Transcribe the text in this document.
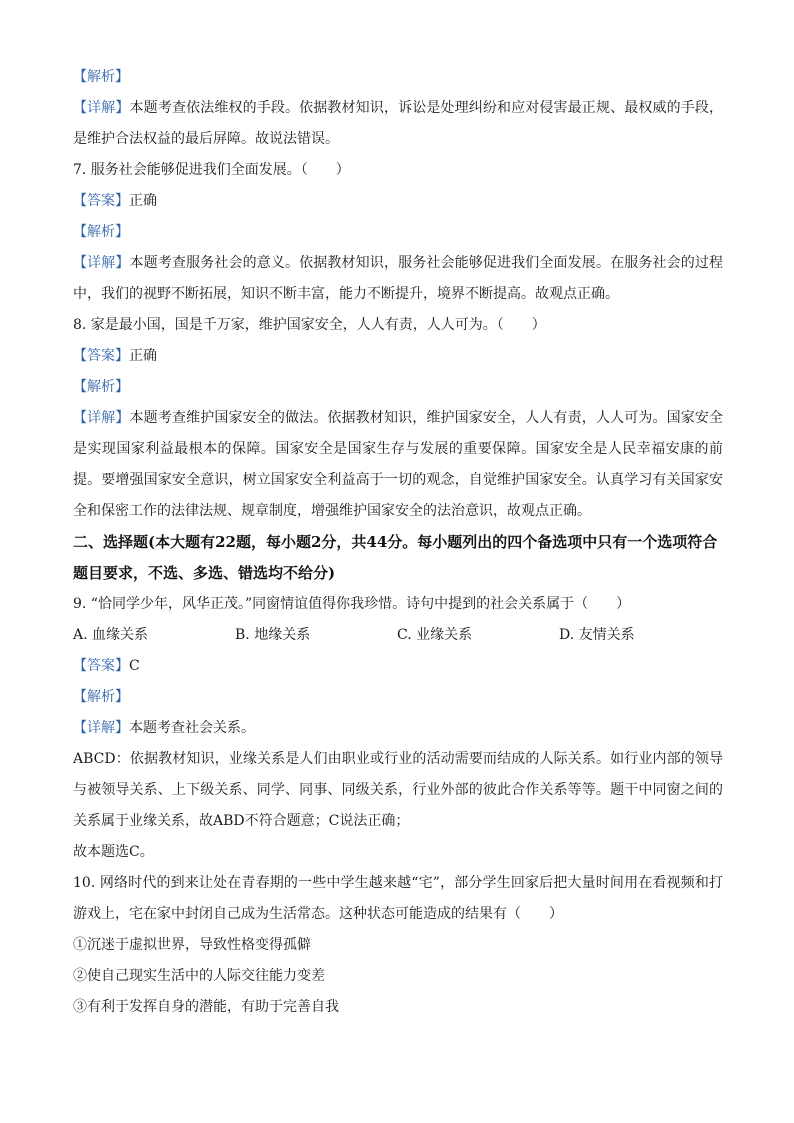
【解析】
【详解】本题考查依法维权的手段。依据教材知识，诉讼是处理纠纷和应对侵害最正规、最权威的手段，是维护合法权益的最后屏障。故说法错误。
7. 服务社会能够促进我们全面发展。（　　）
【答案】正确
【解析】
【详解】本题考查服务社会的意义。依据教材知识，服务社会能够促进我们全面发展。在服务社会的过程中，我们的视野不断拓展，知识不断丰富，能力不断提升，境界不断提高。故观点正确。
8. 家是最小国，国是千万家，维护国家安全，人人有责，人人可为。（　　）
【答案】正确
【解析】
【详解】本题考查维护国家安全的做法。依据教材知识，维护国家安全，人人有责，人人可为。国家安全是实现国家利益最根本的保障。国家安全是国家生存与发展的重要保障。国家安全是人民幸福安康的前提。要增强国家安全意识，树立国家安全利益高于一切的观念，自觉维护国家安全。认真学习有关国家安全和保密工作的法律法规、规章制度，增强维护国家安全的法治意识，故观点正确。
二、选择题(本大题有22题，每小题2分，共44分。每小题列出的四个备选项中只有一个选项符合题目要求，不选、多选、错选均不给分)
9. “恰同学少年，风华正茂。”同窗情谊值得你我珍惜。诗句中提到的社会关系属于（　　）
A. 血缘关系	B. 地缘关系	C. 业缘关系	D. 友情关系
【答案】C
【解析】
【详解】本题考查社会关系。
ABCD：依据教材知识，业缘关系是人们由职业或行业的活动需要而结成的人际关系。如行业内部的领导与被领导关系、上下级关系、同学、同事、同级关系，行业外部的彼此合作关系等等。题干中同窗之间的关系属于业缘关系，故ABD不符合题意；C说法正确；
故本题选C。
10. 网络时代的到来让处在青春期的一些中学生越来越“宅”，部分学生回家后把大量时间用在看视频和打游戏上，宅在家中封闭自己成为生活常态。这种状态可能造成的结果有（　　）
①沉迷于虚拟世界，导致性格变得孤僻
②使自己现实生活中的人际交往能力变差
③有利于发挥自身的潜能，有助于完善自我
